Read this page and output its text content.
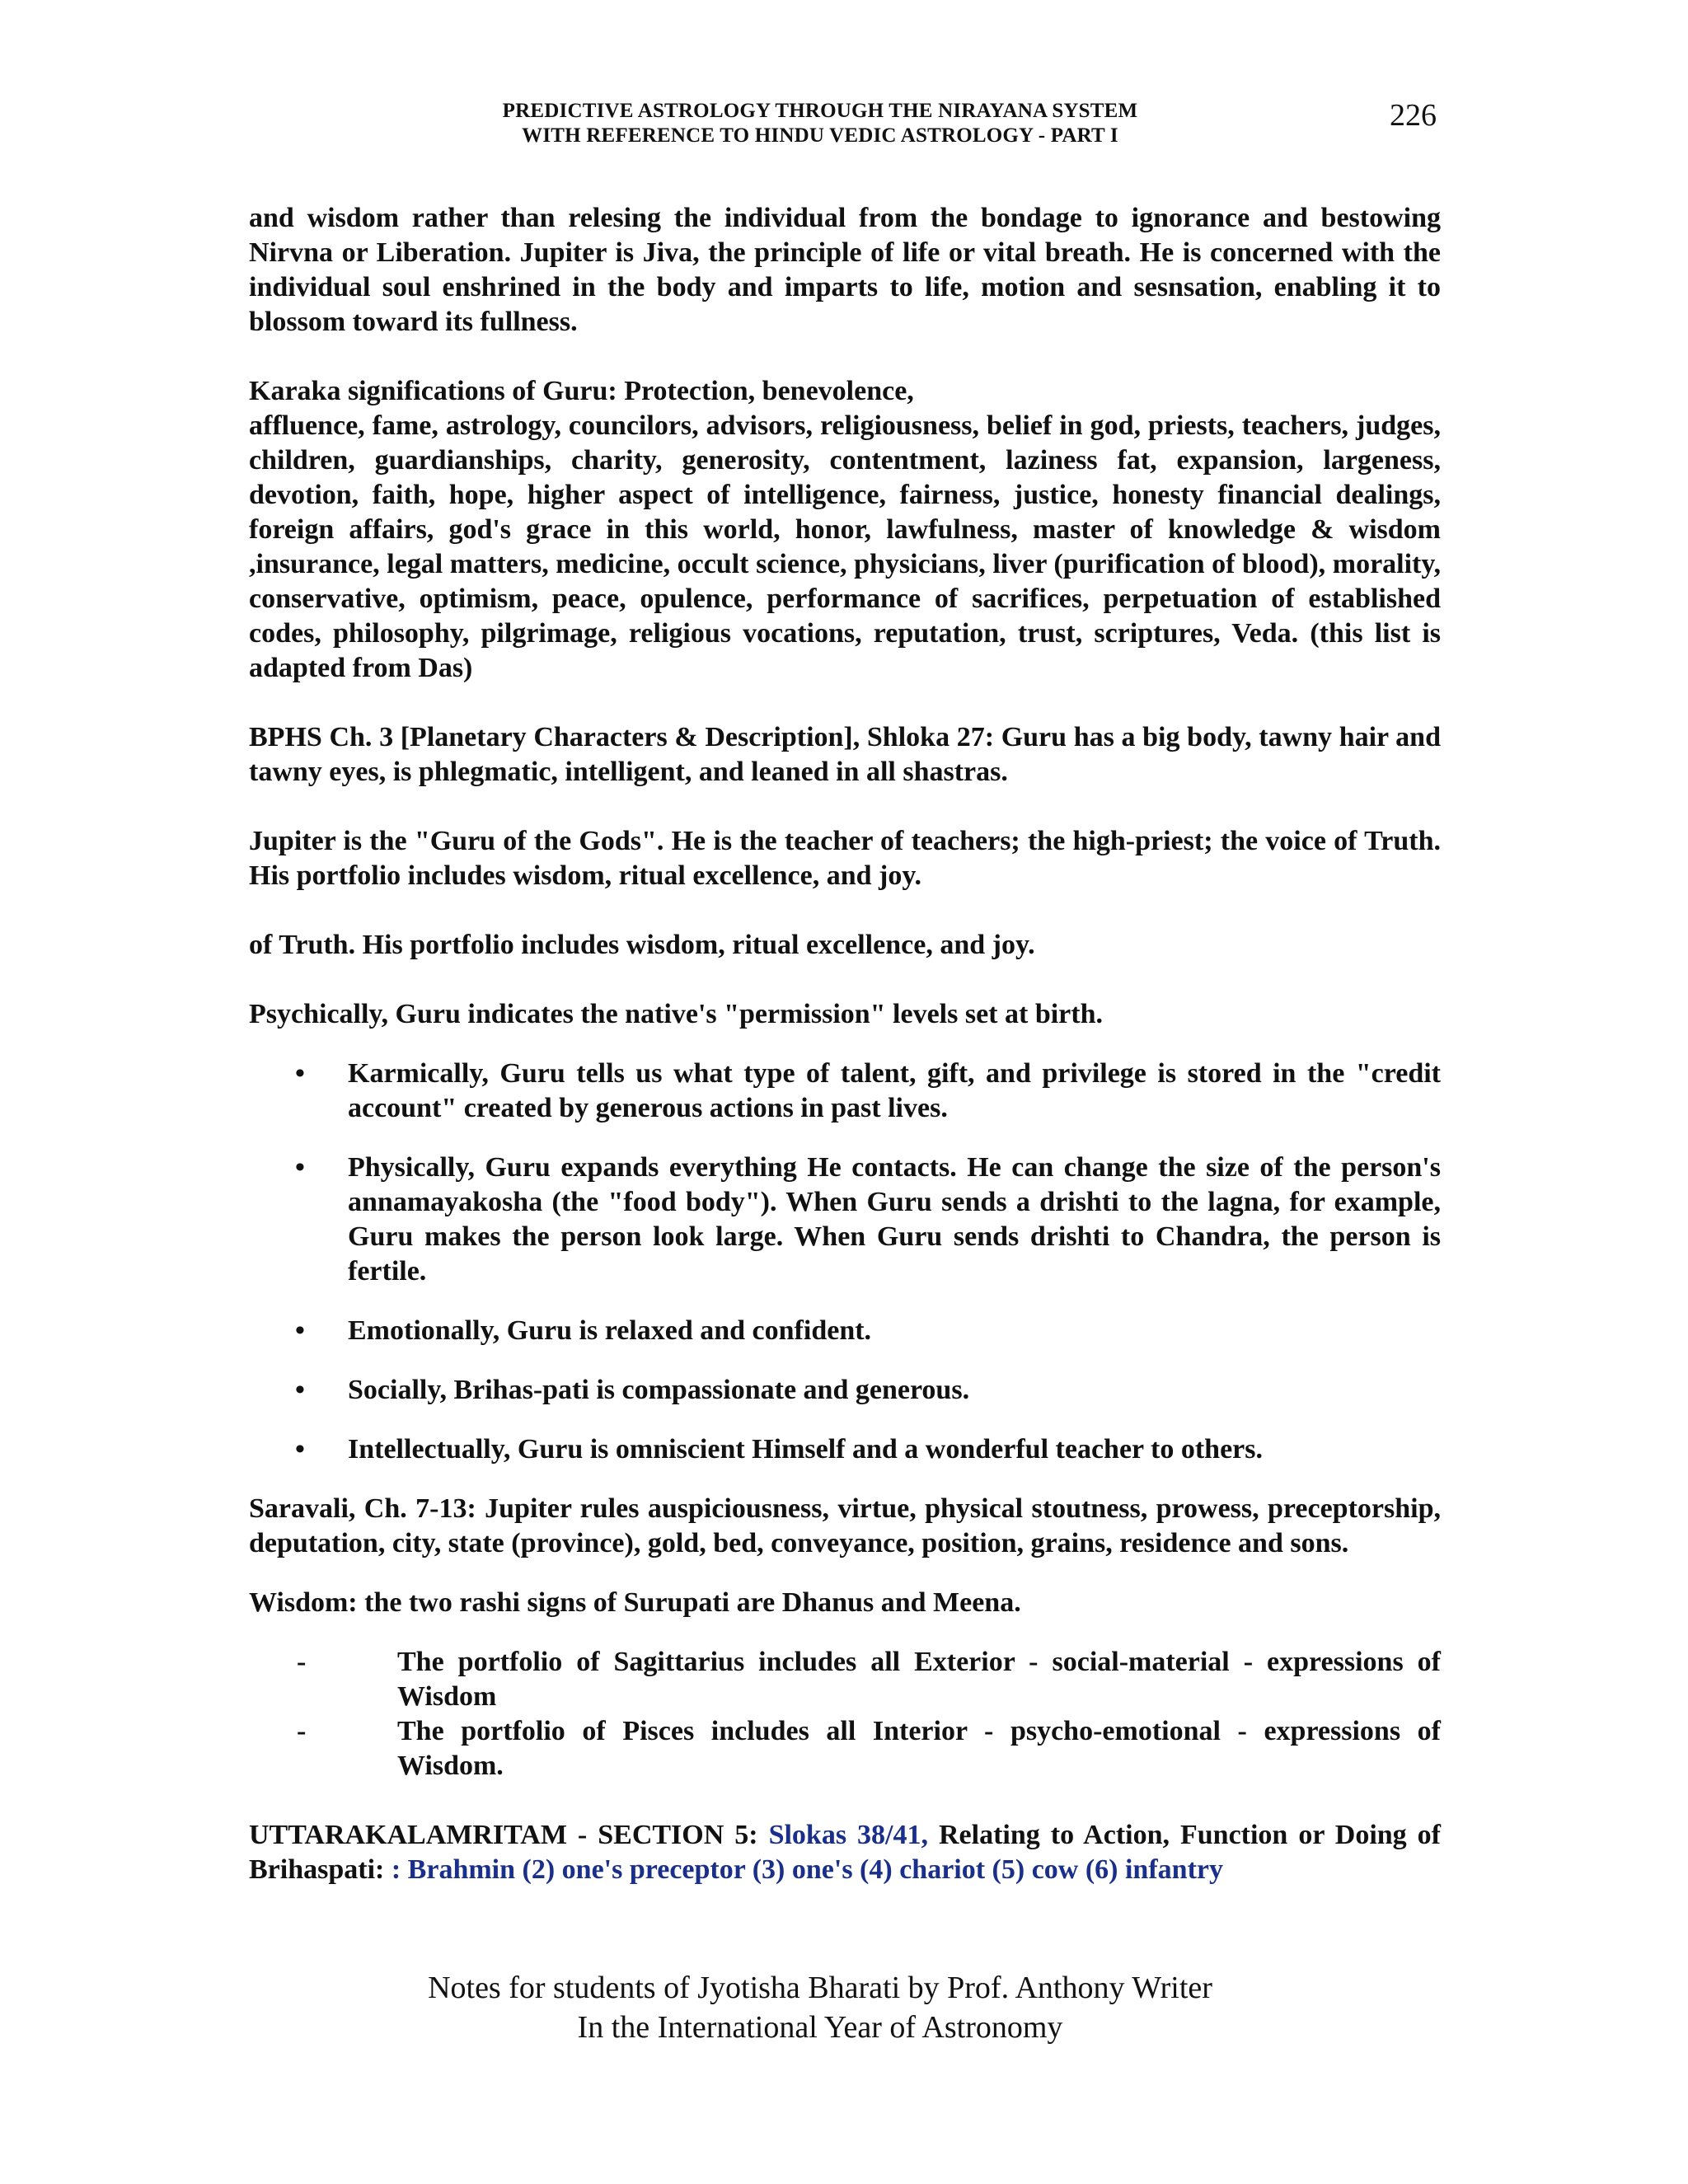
PREDICTIVE ASTROLOGY THROUGH THE NIRAYANA SYSTEM
WITH REFERENCE TO HINDU VEDIC ASTROLOGY - PART I
226

and wisdom rather than relesing the individual from the bondage to ignorance and bestowing Nirvna or Liberation. Jupiter is Jiva, the principle of life or vital breath. He is concerned with the individual soul enshrined in the body and imparts to life, motion and sesnsation, enabling it to blossom toward its fullness.

Karaka significations of Guru: Protection, benevolence,

affluence, fame, astrology, councilors, advisors, religiousness, belief in god, priests, teachers, judges, children, guardianships, charity, generosity, contentment, laziness fat, expansion, largeness, devotion, faith, hope, higher aspect of intelligence, fairness, justice, honesty financial dealings, foreign affairs, god's grace in this world, honor, lawfulness, master of knowledge & wisdom ,insurance, legal matters, medicine, occult science, physicians, liver (purification of blood), morality, conservative, optimism, peace, opulence, performance of sacrifices, perpetuation of established codes, philosophy, pilgrimage, religious vocations, reputation, trust, scriptures, Veda. (this list is adapted from Das)

BPHS Ch. 3 [Planetary Characters & Description], Shloka 27: Guru has a big body, tawny hair and tawny eyes, is phlegmatic, intelligent, and leaned in all shastras.

Jupiter is the "Guru of the Gods". He is the teacher of teachers; the high-priest; the voice of Truth. His portfolio includes wisdom, ritual excellence, and joy.

of Truth. His portfolio includes wisdom, ritual excellence, and joy.

Psychically, Guru indicates the native's "permission" levels set at birth.

• Karmically, Guru tells us what type of talent, gift, and privilege is stored in the "credit account" created by generous actions in past lives.
• Physically, Guru expands everything He contacts. He can change the size of the person's annamayakosha (the "food body"). When Guru sends a drishti to the lagna, for example, Guru makes the person look large. When Guru sends drishti to Chandra, the person is fertile.
• Emotionally, Guru is relaxed and confident.
• Socially, Brihas-pati is compassionate and generous.
• Intellectually, Guru is omniscient Himself and a wonderful teacher to others.

Saravali, Ch. 7-13: Jupiter rules auspiciousness, virtue, physical stoutness, prowess, preceptorship, deputation, city, state (province), gold, bed, conveyance, position, grains, residence and sons.

Wisdom: the two rashi signs of Surupati are Dhanus and Meena.

-	The portfolio of Sagittarius includes all Exterior - social-material - expressions of Wisdom
-	The portfolio of Pisces includes all Interior - psycho-emotional - expressions of Wisdom.

UTTARAKALAMRITAM - SECTION 5: Slokas 38/41, Relating to Action, Function or Doing of Brihaspati: : Brahmin (2) one's preceptor (3) one's (4) chariot (5) cow (6) infantry

Notes for students of Jyotisha Bharati by Prof. Anthony Writer
In the International Year of Astronomy
